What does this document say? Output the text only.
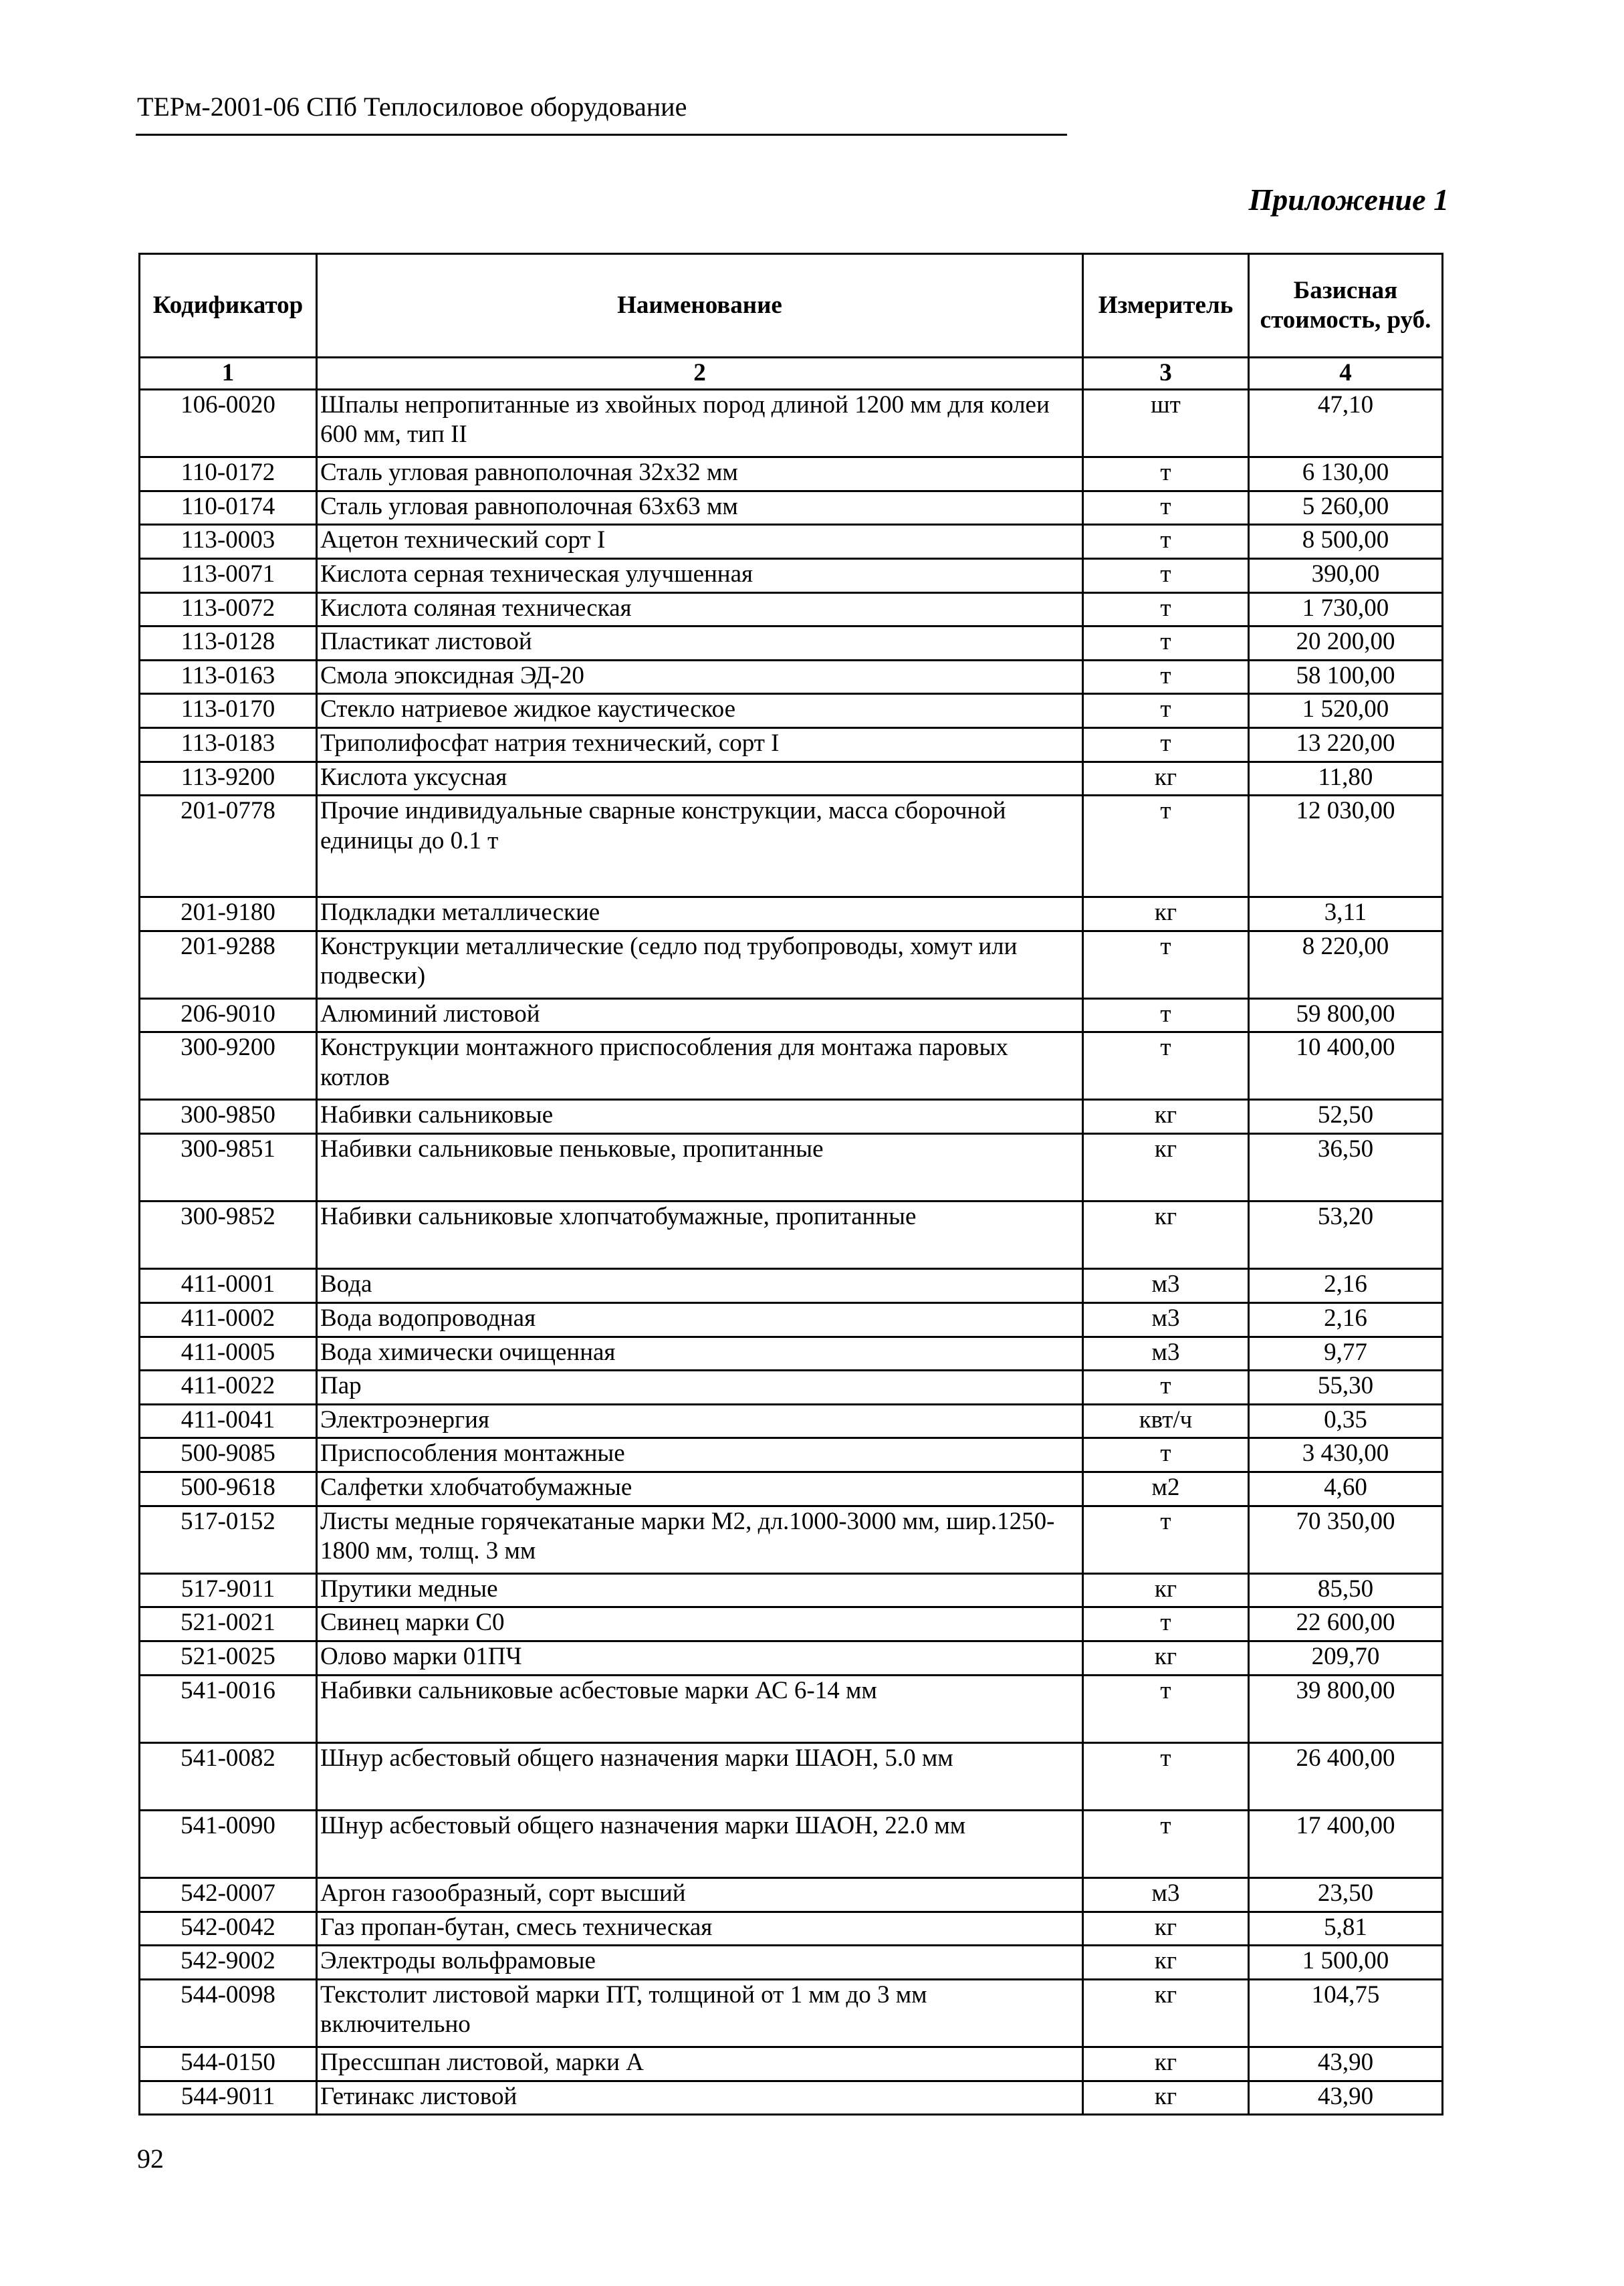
ТЕРм-2001-06 СПб Теплосиловое оборудование
Приложение 1
Кодификатор	Наименование	Измеритель	Базисная стоимость, руб.
1	2	3	4
106-0020	Шпалы непропитанные из хвойных пород длиной 1200 мм для колеи 600 мм, тип II	шт	47,10
110-0172	Сталь угловая равнополочная 32х32 мм	т	6 130,00
110-0174	Сталь угловая равнополочная 63х63 мм	т	5 260,00
113-0003	Ацетон технический сорт I	т	8 500,00
113-0071	Кислота серная техническая улучшенная	т	390,00
113-0072	Кислота соляная техническая	т	1 730,00
113-0128	Пластикат листовой	т	20 200,00
113-0163	Смола эпоксидная ЭД-20	т	58 100,00
113-0170	Стекло натриевое жидкое каустическое	т	1 520,00
113-0183	Триполифосфат натрия технический, сорт I	т	13 220,00
113-9200	Кислота уксусная	кг	11,80
201-0778	Прочие индивидуальные сварные конструкции, масса сборочной единицы до 0.1 т	т	12 030,00
201-9180	Подкладки металлические	кг	3,11
201-9288	Конструкции металлические (седло под трубопроводы, хомут или подвески)	т	8 220,00
206-9010	Алюминий листовой	т	59 800,00
300-9200	Конструкции монтажного приспособления для монтажа паровых котлов	т	10 400,00
300-9850	Набивки сальниковые	кг	52,50
300-9851	Набивки сальниковые пеньковые, пропитанные	кг	36,50
300-9852	Набивки сальниковые хлопчатобумажные, пропитанные	кг	53,20
411-0001	Вода	м3	2,16
411-0002	Вода водопроводная	м3	2,16
411-0005	Вода химически очищенная	м3	9,77
411-0022	Пар	т	55,30
411-0041	Электроэнергия	квт/ч	0,35
500-9085	Приспособления монтажные	т	3 430,00
500-9618	Салфетки хлобчатобумажные	м2	4,60
517-0152	Листы медные горячекатаные марки М2, дл.1000-3000 мм, шир.1250-1800 мм, толщ. 3 мм	т	70 350,00
517-9011	Прутики медные	кг	85,50
521-0021	Свинец марки С0	т	22 600,00
521-0025	Олово марки 01ПЧ	кг	209,70
541-0016	Набивки сальниковые асбестовые марки АС 6-14 мм	т	39 800,00
541-0082	Шнур асбестовый общего назначения марки ШАОН, 5.0 мм	т	26 400,00
541-0090	Шнур асбестовый общего назначения марки ШАОН, 22.0 мм	т	17 400,00
542-0007	Аргон газообразный, сорт высший	м3	23,50
542-0042	Газ пропан-бутан, смесь техническая	кг	5,81
542-9002	Электроды вольфрамовые	кг	1 500,00
544-0098	Текстолит листовой марки ПТ, толщиной от 1 мм до 3 мм включительно	кг	104,75
544-0150	Прессшпан листовой, марки А	кг	43,90
544-9011	Гетинакс листовой	кг	43,90
92
